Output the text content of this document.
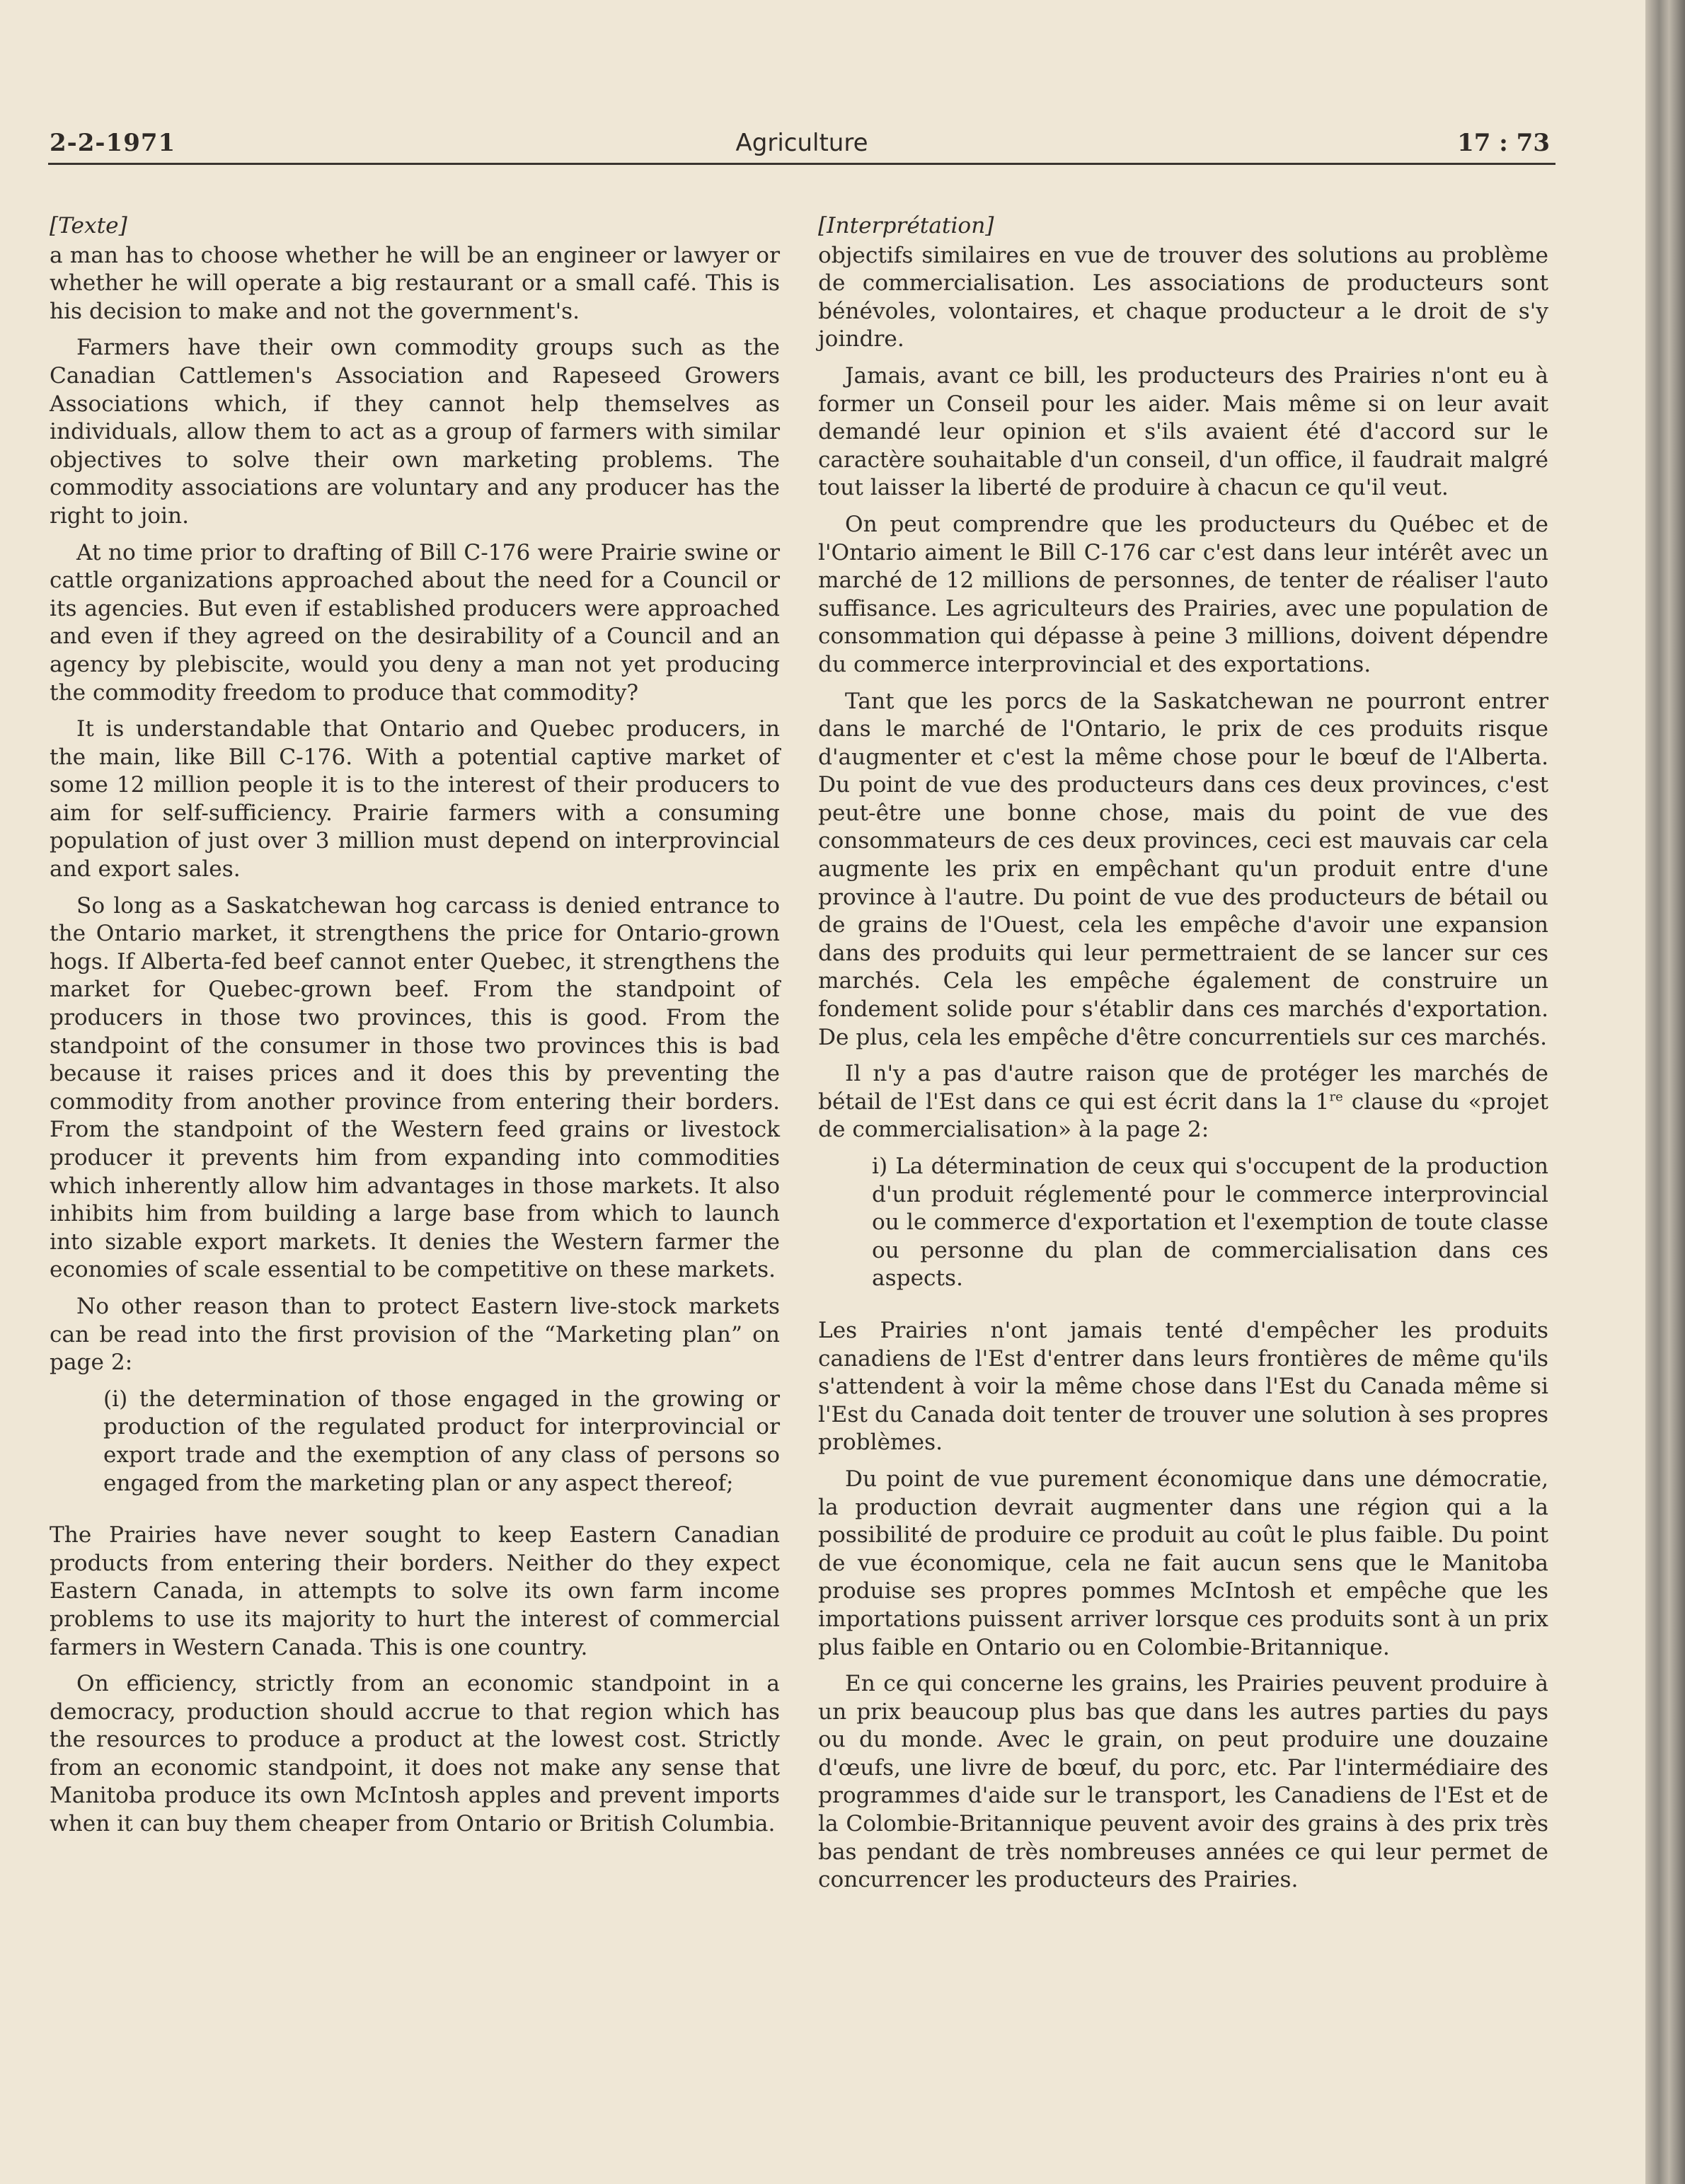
2-2-1971	Agriculture	17 : 73
[Texte]

a man has to choose whether he will be an engineer or lawyer or whether he will operate a big restaurant or a small café. This is his decision to make and not the government's.

Farmers have their own commodity groups such as the Canadian Cattlemen's Association and Rapeseed Growers Associations which, if they cannot help themselves as individuals, allow them to act as a group of farmers with similar objectives to solve their own marketing problems. The commodity associations are voluntary and any producer has the right to join.

At no time prior to drafting of Bill C-176 were Prairie swine or cattle organizations approached about the need for a Council or its agencies. But even if established producers were approached and even if they agreed on the desirability of a Council and an agency by plebiscite, would you deny a man not yet producing the commodity freedom to produce that commodity?

It is understandable that Ontario and Quebec producers, in the main, like Bill C-176. With a potential captive market of some 12 million people it is to the interest of their producers to aim for self-sufficiency. Prairie farmers with a consuming population of just over 3 million must depend on interprovincial and export sales.

So long as a Saskatchewan hog carcass is denied entrance to the Ontario market, it strengthens the price for Ontario-grown hogs. If Alberta-fed beef cannot enter Quebec, it strengthens the market for Quebec-grown beef. From the standpoint of producers in those two provinces, this is good. From the standpoint of the consumer in those two provinces this is bad because it raises prices and it does this by preventing the commodity from another province from entering their borders. From the standpoint of the Western feed grains or livestock producer it prevents him from expanding into commodities which inherently allow him advantages in those markets. It also inhibits him from building a large base from which to launch into sizable export markets. It denies the Western farmer the economies of scale essential to be competitive on these markets.

No other reason than to protect Eastern live-stock markets can be read into the first provision of the “Marketing plan” on page 2:

(i) the determination of those engaged in the growing or production of the regulated product for interprovincial or export trade and the exemption of any class of persons so engaged from the marketing plan or any aspect thereof;

The Prairies have never sought to keep Eastern Canadian products from entering their borders. Neither do they expect Eastern Canada, in attempts to solve its own farm income problems to use its majority to hurt the interest of commercial farmers in Western Canada. This is one country.

On efficiency, strictly from an economic standpoint in a democracy, production should accrue to that region which has the resources to produce a product at the lowest cost. Strictly from an economic standpoint, it does not make any sense that Manitoba produce its own McIntosh apples and prevent imports when it can buy them cheaper from Ontario or British Columbia.

[Interprétation]

objectifs similaires en vue de trouver des solutions au problème de commercialisation. Les associations de producteurs sont bénévoles, volontaires, et chaque producteur a le droit de s'y joindre.

Jamais, avant ce bill, les producteurs des Prairies n'ont eu à former un Conseil pour les aider. Mais même si on leur avait demandé leur opinion et s'ils avaient été d'accord sur le caractère souhaitable d'un conseil, d'un office, il faudrait malgré tout laisser la liberté de produire à chacun ce qu'il veut.

On peut comprendre que les producteurs du Québec et de l'Ontario aiment le Bill C-176 car c'est dans leur intérêt avec un marché de 12 millions de personnes, de tenter de réaliser l'auto suffisance. Les agriculteurs des Prairies, avec une population de consommation qui dépasse à peine 3 millions, doivent dépendre du commerce interprovincial et des exportations.

Tant que les porcs de la Saskatchewan ne pourront entrer dans le marché de l'Ontario, le prix de ces produits risque d'augmenter et c'est la même chose pour le bœuf de l'Alberta. Du point de vue des producteurs dans ces deux provinces, c'est peut-être une bonne chose, mais du point de vue des consommateurs de ces deux provinces, ceci est mauvais car cela augmente les prix en empêchant qu'un produit entre d'une province à l'autre. Du point de vue des producteurs de bétail ou de grains de l'Ouest, cela les empêche d'avoir une expansion dans des produits qui leur permettraient de se lancer sur ces marchés. Cela les empêche également de construire un fondement solide pour s'établir dans ces marchés d'exportation. De plus, cela les empêche d'être concurrentiels sur ces marchés.

Il n'y a pas d'autre raison que de protéger les marchés de bétail de l'Est dans ce qui est écrit dans la 1re clause du «projet de commercialisation» à la page 2:

i) La détermination de ceux qui s'occupent de la production d'un produit réglementé pour le commerce interprovincial ou le commerce d'exportation et l'exemption de toute classe ou personne du plan de commercialisation dans ces aspects.

Les Prairies n'ont jamais tenté d'empêcher les produits canadiens de l'Est d'entrer dans leurs frontières de même qu'ils s'attendent à voir la même chose dans l'Est du Canada même si l'Est du Canada doit tenter de trouver une solution à ses propres problèmes.

Du point de vue purement économique dans une démocratie, la production devrait augmenter dans une région qui a la possibilité de produire ce produit au coût le plus faible. Du point de vue économique, cela ne fait aucun sens que le Manitoba produise ses propres pommes McIntosh et empêche que les importations puissent arriver lorsque ces produits sont à un prix plus faible en Ontario ou en Colombie-Britannique.

En ce qui concerne les grains, les Prairies peuvent produire à un prix beaucoup plus bas que dans les autres parties du pays ou du monde. Avec le grain, on peut produire une douzaine d'œufs, une livre de bœuf, du porc, etc. Par l'intermédiaire des programmes d'aide sur le transport, les Canadiens de l'Est et de la Colombie-Britannique peuvent avoir des grains à des prix très bas pendant de très nombreuses années ce qui leur permet de concurrencer les producteurs des Prairies.
